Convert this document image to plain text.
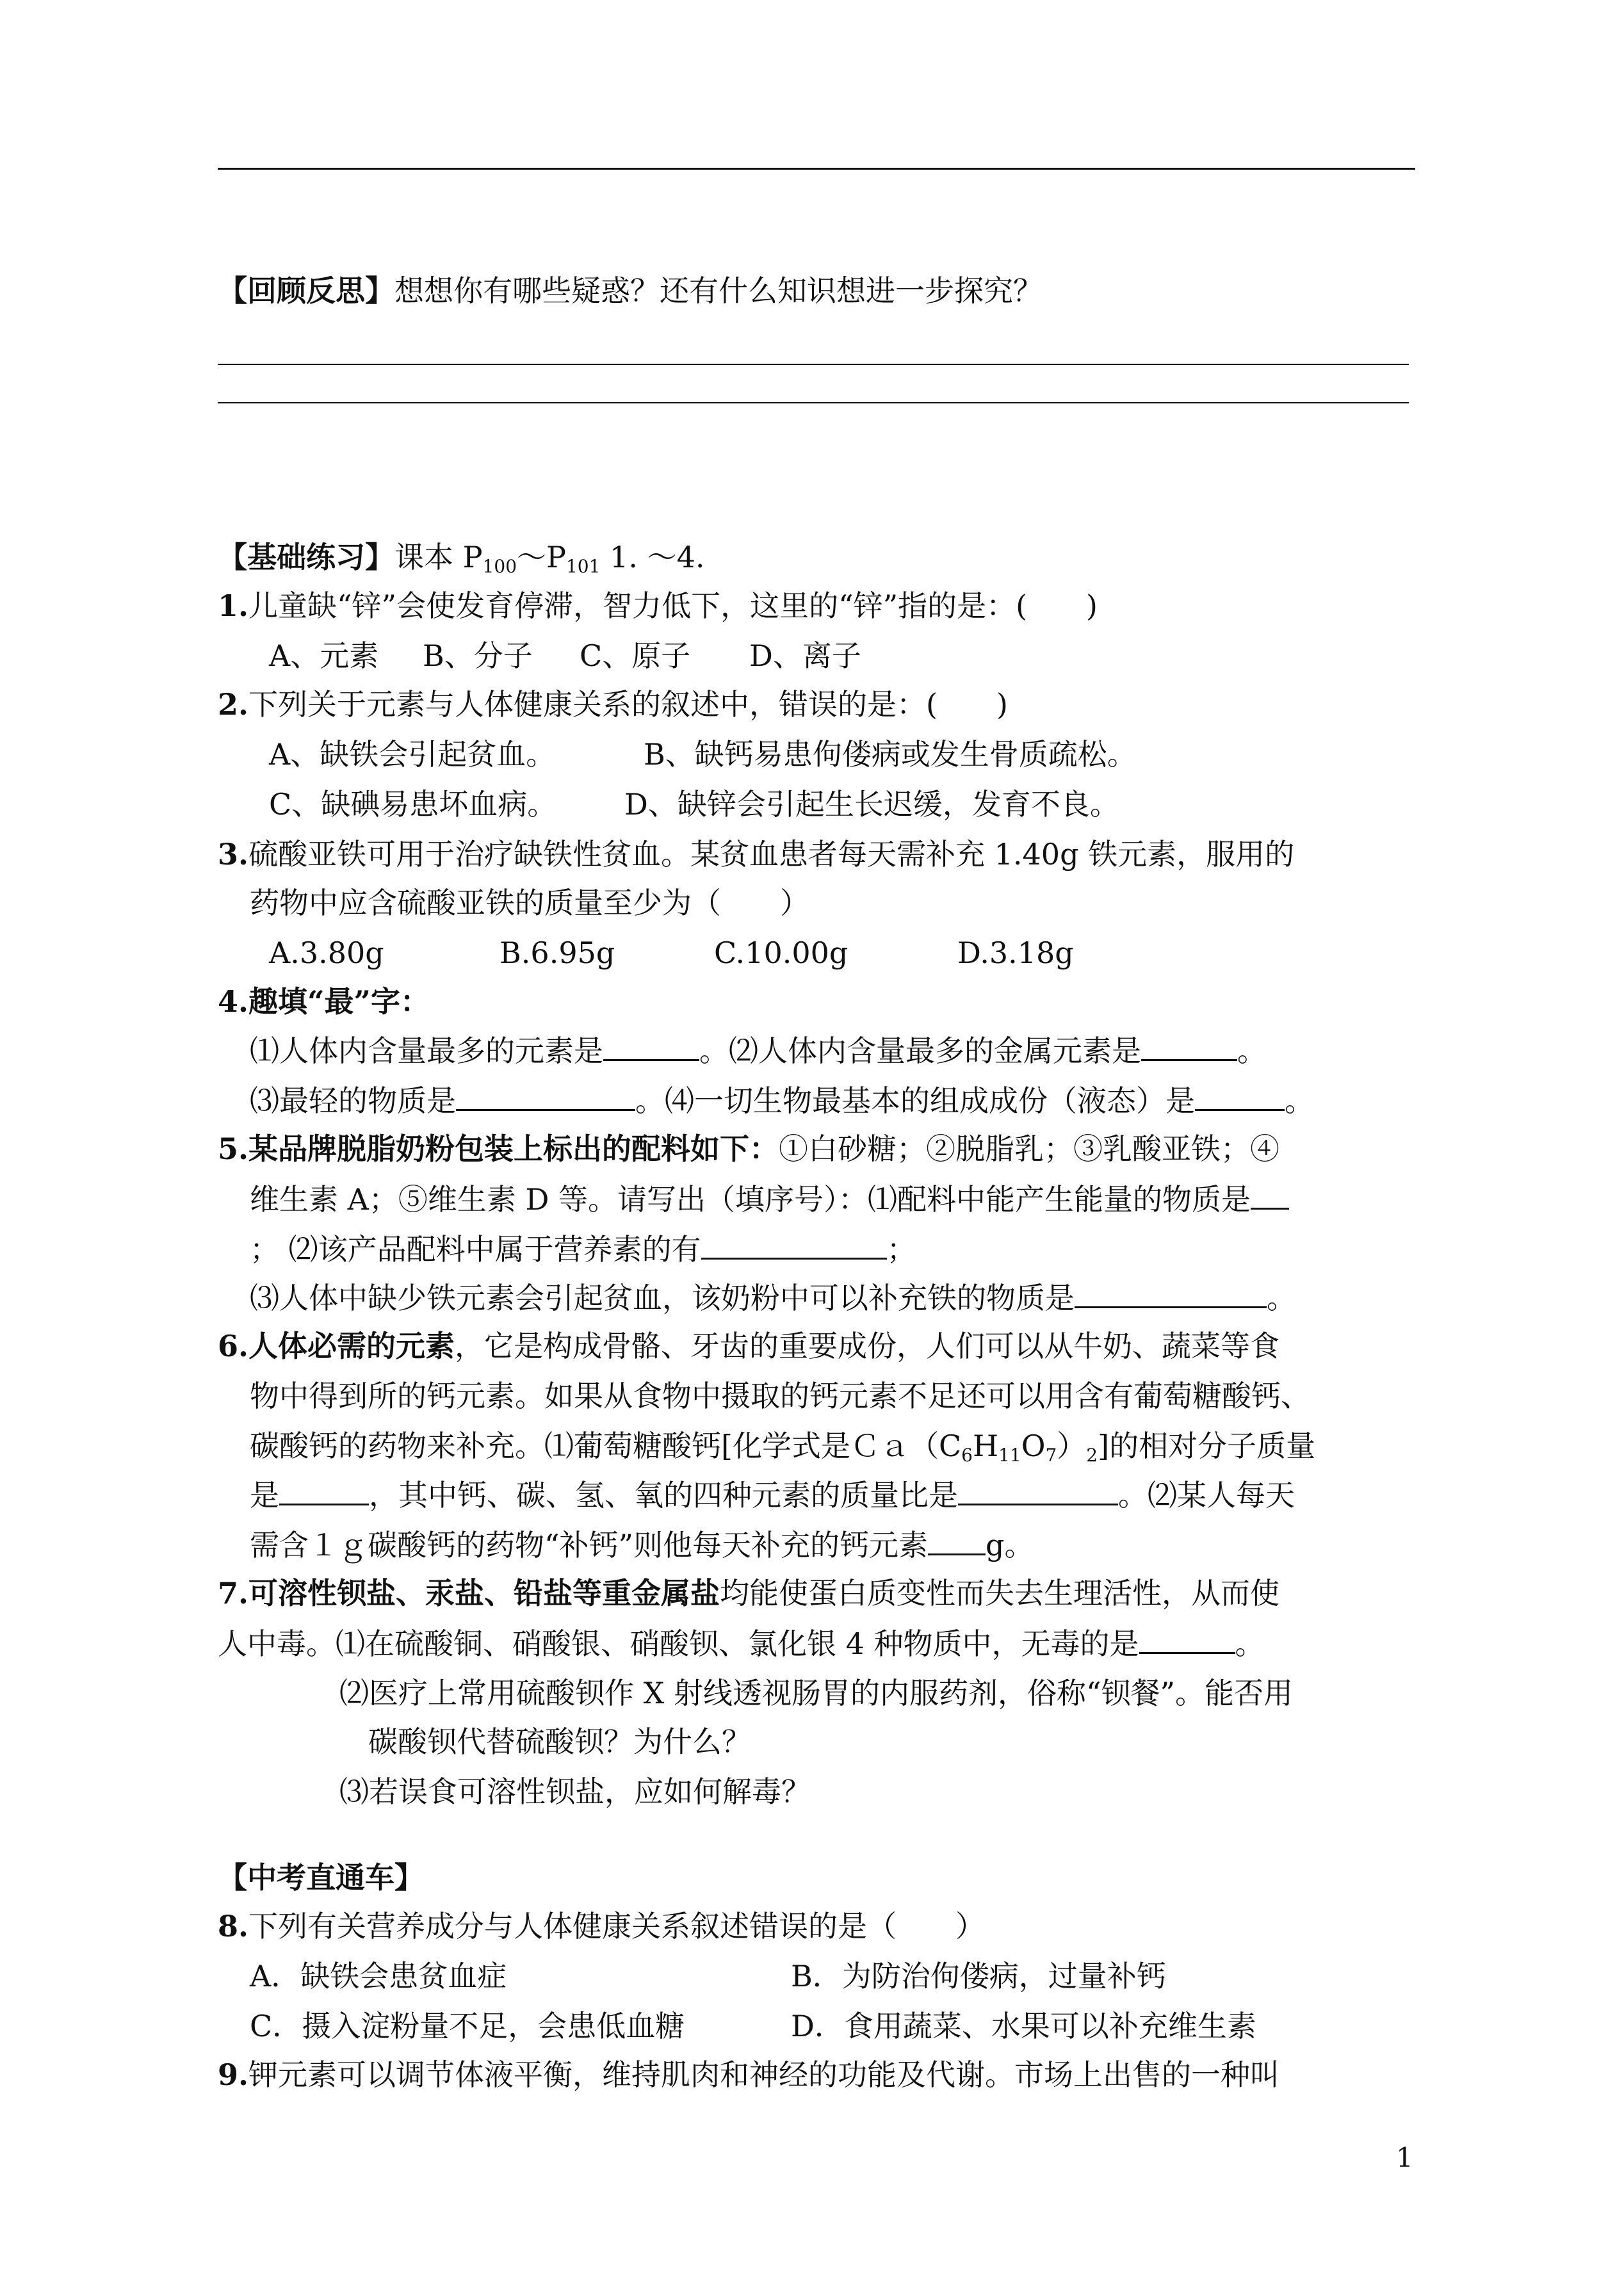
【回顾反思】想想你有哪些疑惑？还有什么知识想进一步探究？
【基础练习】课本 $P_{100}\sim P_{101}$ 1. ～4.
1.儿童缺“锌”会使发育停滞，智力低下，这里的“锌”指的是：(　　)
A、元素 B、分子 C、原子 D、离子
2.下列关于元素与人体健康关系的叙述中，错误的是：(　　)
A、缺铁会引起贫血。	B、缺钙易患佝偻病或发生骨质疏松。
C、缺碘易患坏血病。 D、缺锌会引起生长迟缓，发育不良。
3.硫酸亚铁可用于治疗缺铁性贫血。某贫血患者每天需补充 1.40g 铁元素，服用的
药物中应含硫酸亚铁的质量至少为（　　）
A.3.80g	B.6.95g	C.10.00g	D.3.18g
4.趣填“最”字：
⑴人体内含量最多的元素是	。⑵人体内含量最多的金属元素是	。
⑶最轻的物质是	。⑷一切生物最基本的组成成份（液态）是	。
5.某品牌脱脂奶粉包装上标出的配料如下：①白砂糖；②脱脂乳；③乳酸亚铁；④
维生素 A；⑤维生素 D 等。请写出（填序号）：⑴配料中能产生能量的物质是
； ⑵该产品配料中属于营养素的有	；
⑶人体中缺少铁元素会引起贫血，该奶粉中可以补充铁的物质是	。
6.人体必需的元素，它是构成骨骼、牙齿的重要成份，人们可以从牛奶、蔬菜等食
物中得到所的钙元素。如果从食物中摄取的钙元素不足还可以用含有葡萄糖酸钙、
碳酸钙的药物来补充。⑴葡萄糖酸钙[化学式是$Ca(C_6H_{11}O_7)_2$]的相对分子质量
是	，其中钙、碳、氢、氧的四种元素的质量比是	。⑵某人每天
需含１ｇ碳酸钙的药物“补钙”则他每天补充的钙元素 g。
7.可溶性钡盐、汞盐、铅盐等重金属盐均能使蛋白质变性而失去生理活性，从而使
人中毒。⑴在硫酸铜、硝酸银、硝酸钡、氯化银 4 种物质中，无毒的是	。
⑵医疗上常用硫酸钡作 X 射线透视肠胃的内服药剂，俗称“钡餐”。能否用
碳酸钡代替硫酸钡？为什么？
⑶若误食可溶性钡盐，应如何解毒？
【中考直通车】
8.下列有关营养成分与人体健康关系叙述错误的是（　　）
A．缺铁会患贫血症	B．为防治佝偻病，过量补钙
C．摄入淀粉量不足，会患低血糖	D．食用蔬菜、水果可以补充维生素
9.钾元素可以调节体液平衡，维持肌肉和神经的功能及代谢。市场上出售的一种叫
1
